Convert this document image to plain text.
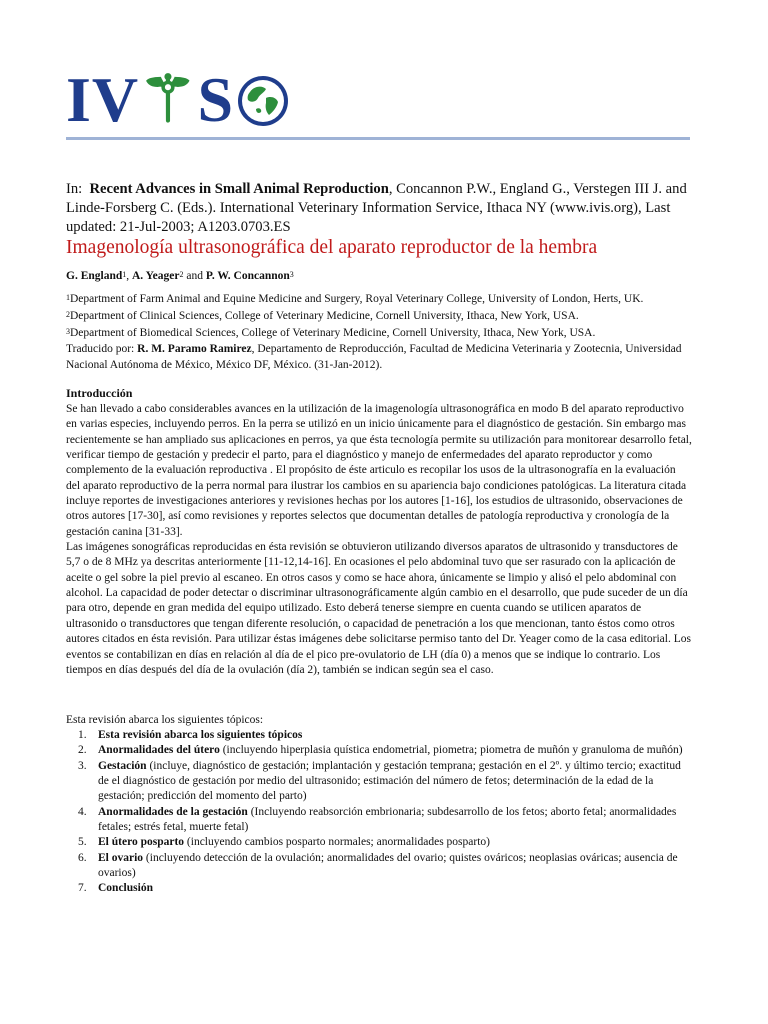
IV⚚S
In: Recent Advances in Small Animal Reproduction, Concannon P.W., England G., Verstegen III J. and Linde-Forsberg C. (Eds.). International Veterinary Information Service, Ithaca NY (www.ivis.org), Last updated: 21-Jul-2003; A1203.0703.ES
Imagenología ultrasonográfica del aparato reproductor de la hembra
G. England$^1$, A. Yeager$^2$ and P. W. Concannon$^3$
$^1$Department of Farm Animal and Equine Medicine and Surgery, Royal Veterinary College, University of London, Herts, UK. $^2$Department of Clinical Sciences, College of Veterinary Medicine, Cornell University, Ithaca, New York, USA.
$^3$Department of Biomedical Sciences, College of Veterinary Medicine, Cornell University, Ithaca, New York, USA.
Traducido por: R. M. Paramo Ramirez, Departamento de Reproducción, Facultad de Medicina Veterinaria y Zootecnia, Universidad Nacional Autónoma de México, México DF, México. (31-Jan-2012).
Introducción

Se han llevado a cabo considerables avances en la utilización de la imagenología ultrasonográfica en modo B del aparato reproductivo en varias especies, incluyendo perros. En la perra se utilizó en un inicio únicamente para el diagnóstico de gestación. Sin embargo mas recientemente se han ampliado sus aplicaciones en perros, ya que ésta tecnología permite su utilización para monitorear desarrollo fetal, verificar tiempo de gestación y predecir el parto, para el diagnóstico y manejo de enfermedades del aparato reproductor y como complemento de la evaluación reproductiva . El propósito de éste articulo es recopilar los usos de la ultrasonografía en la evaluación del aparato reproductivo de la perra normal para ilustrar los cambios en su apariencia bajo condiciones patológicas. La literatura citada incluye reportes de investigaciones anteriores y revisiones hechas por los autores [1-16], los estudios de ultrasonido, observaciones de otros autores [17-30], así como revisiones y reportes selectos que documentan detalles de patología reproductiva y cronología de la gestación canina [31-33].

Las imágenes sonográficas reproducidas en ésta revisión se obtuvieron utilizando diversos aparatos de ultrasonido y transductores de 5,7 o de 8 MHz ya descritas anteriormente [11-12,14-16]. En ocasiones el pelo abdominal tuvo que ser rasurado con la aplicación de aceite o gel sobre la piel previo al escaneo. En otros casos y como se hace ahora, únicamente se limpio y alisó el pelo abdominal con alcohol. La capacidad de poder detectar o discriminar ultrasonográficamente algún cambio en el desarrollo, que pude suceder de un día para otro, depende en gran medida del equipo utilizado. Esto deberá tenerse siempre en cuenta cuando se utilicen aparatos de ultrasonido o transductores que tengan diferente resolución, o capacidad de penetración a los que mencionan, tanto éstos como otros autores citados en ésta revisión. Para utilizar éstas imágenes debe solicitarse permiso tanto del Dr. Yeager como de la casa editorial. Los eventos se contabilizan en días en relación al día de el pico pre-ovulatorio de LH (día 0) a menos que se indique lo contrario. Los tiempos en días después del día de la ovulación (día 2), también se indican según sea el caso.

Esta revisión abarca los siguientes tópicos:
1. Esta revisión abarca los siguientes tópicos
2. Anormalidades del útero (incluyendo hiperplasia quística endometrial, piometra; piometra de muñón y granuloma de muñón)
3. Gestación (incluye, diagnóstico de gestación; implantación y gestación temprana; gestación en el 2º. y último tercio; exactitud de el diagnóstico de gestación por medio del ultrasonido; estimación del número de fetos; determinación de la edad de la gestación; predicción del momento del parto)
4. Anormalidades de la gestación (Incluyendo reabsorción embrionaria; subdesarrollo de los fetos; aborto fetal; anormalidades fetales; estrés fetal, muerte fetal)
5. El útero posparto (incluyendo cambios posparto normales; anormalidades posparto)
6. El ovario (incluyendo detección de la ovulación; anormalidades del ovario; quistes ováricos; neoplasias ováricas; ausencia de ovarios)
7. Conclusión
